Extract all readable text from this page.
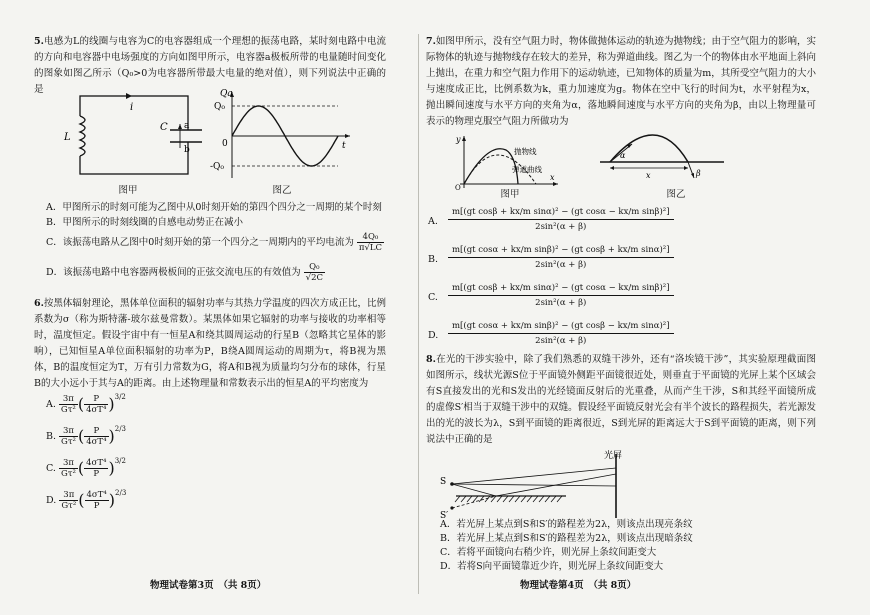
5.电感为L的线圈与电容为C的电容器组成一个理想的振荡电路，某时刻电路中电流的方向和电容器中电场强度的方向如图甲所示，电容器a极板所带的电量随时间变化的图象如图乙所示（Q₀>0为电容器所带最大电量的绝对值），则下列说法中正确的是

i
L
C a
b
图甲
Qa
Q₀
-Q₀
0	t
图乙
A．甲图所示的时刻可能为乙图中从0时刻开始的第四个四分之一周期的某个时刻
B．甲图所示的时刻线圈的自感电动势正在减小
C．该振荡电路从乙图中0时刻开始的第一个四分之一周期内的平均电流为 $\frac{\text{4Q₀}}{\pi√LC}$
D．该振荡电路中电容器两极板间的正弦交流电压的有效值为 $\frac{\text{Q₀}}{√2C}$

6.按黑体辐射理论，黑体单位面积的辐射功率与其热力学温度的四次方成正比，比例系数为σ（称为斯特藩-玻尔兹曼常数）。某黑体如果它辐射的功率与接收的功率相等时，温度恒定。假设宇宙中有一恒星A和绕其圆周运动的行星B（忽略其它星体的影响），已知恒星A单位面积辐射的功率为P，B绕A圆周运动的周期为τ，将B视为黑体，B的温度恒定为T，万有引力常数为G，将A和B视为质量均匀分布的球体，行星B的大小远小于其与A的距离。由上述物理量和常数表示出的恒星A的平均密度为

A. $\frac{3\pi}{\text{Gτ²}}$ ( $\frac{P}{\text{4σT⁴}} )^{3/2}$
B. $\frac{3\pi}{\text{Gτ²}}$ ( $\frac{P}{\text{4σT⁴}} )^{2/3}$
C. $\frac{3\pi}{\text{Gτ²}}$ ( $\frac{\text{4σT⁴}}{P} )^{3/2}$
D. $\frac{3\pi}{\text{Gτ²}}$ ( $\frac{\text{4σT⁴}}{P} )^{2/3}$
物理试卷第3页　（共 8页）

7.如图甲所示，没有空气阻力时，物体做抛体运动的轨迹为抛物线；由于空气阻力的影响，实际物体的轨迹与抛物线存在较大的差异，称为弹道曲线。图乙为一个的物体由水平地面上斜向上抛出，在重力和空气阻力作用下的运动轨迹，已知物体的质量为m，其所受空气阻力的大小与速度成正比，比例系数为k，重力加速度为g。物体在空中飞行的时间为t，水平射程为x，抛出瞬间速度与水平方向的夹角为α，落地瞬间速度与水平方向的夹角为β，由以上物理量可表示的物理克服空气阻力所做功为

y
x
O
抛物线
弹道曲线
图甲
α
β
x
图乙
A. $\frac{\text{m[(gt cosβ + kx/m sinα)² − (gt cosα − kx/m sinβ)²]}}{\text{2sin²(α + β)}}$
B. $\frac{\text{m[(gt cosα + kx/m sinβ)² − (gt cosβ + kx/m sinα)²]}}{\text{2sin²(α + β)}}$
C. $\frac{\text{m[(gt cosβ + kx/m sinα)² − (gt cosα − kx/m sinβ)²]}}{\text{2sin²(α + β)}}$
D. $\frac{\text{m[(gt cosα + kx/m sinβ)² − (gt cosβ − kx/m sinα)²]}}{\text{2sin²(α + β)}}$

8.在光的干涉实验中，除了我们熟悉的双缝干涉外，还有“洛埃镜干涉”，其实验原理截面图如图所示，线状光源S位于平面镜外侧距平面镜很近处，则垂直于平面镜的光屏上某个区域会有S直接发出的光和S发出的光经镜面反射后的光重叠，从而产生干涉，S和其经平面镜所成的虚像S′相当于双缝干涉中的双缝。假设经平面镜反射光会有半个波长的路程损失，若光源发出的光的波长为λ，S到平面镜的距离很近，S到光屏的距离远大于S到平面镜的距离，则下列说法中正确的是

光屏
S
S′
A．若光屏上某点到S和S′的路程差为2λ，则该点出现亮条纹
B．若光屏上某点到S和S′的路程差为2λ，则该点出现暗条纹
C．若将平面镜向右稍少许，则光屏上条纹间距变大
D．若将S向平面镜靠近少许，则光屏上条纹间距变大
物理试卷第4页　（共 8页）
